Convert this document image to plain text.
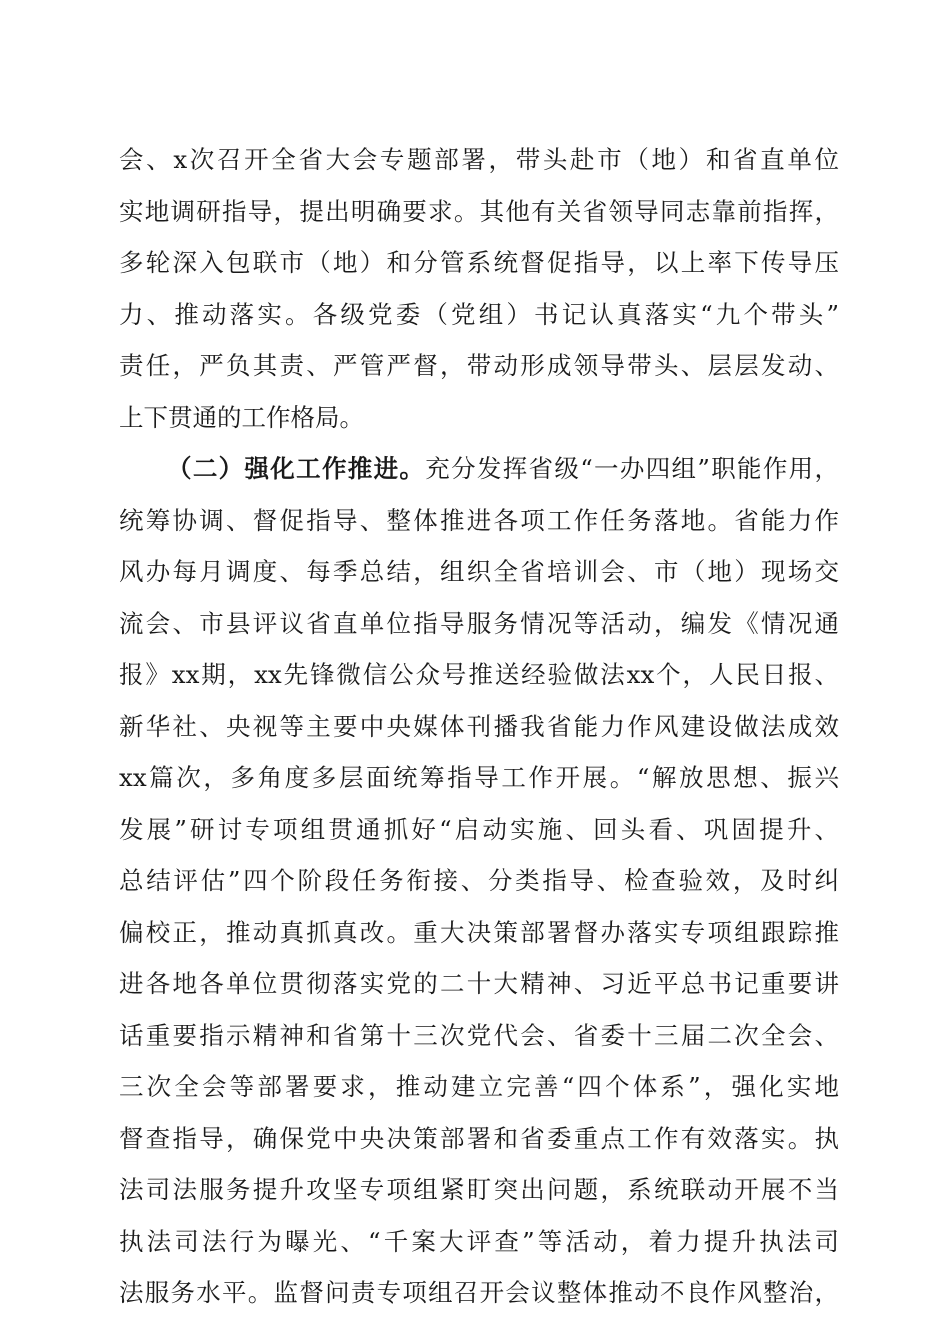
会、x次召开全省大会专题部署，带头赴市（地）和省直单位
实地调研指导，提出明确要求。其他有关省领导同志靠前指挥，
多轮深入包联市（地）和分管系统督促指导，以上率下传导压
力、推动落实。各级党委（党组）书记认真落实“九个带头”
责任，严负其责、严管严督，带动形成领导带头、层层发动、
上下贯通的工作格局。
（二）强化工作推进。充分发挥省级“一办四组”职能作用，
统筹协调、督促指导、整体推进各项工作任务落地。省能力作
风办每月调度、每季总结，组织全省培训会、市（地）现场交
流会、市县评议省直单位指导服务情况等活动，编发《情况通
报》xx期，xx先锋微信公众号推送经验做法xx个，人民日报、
新华社、央视等主要中央媒体刊播我省能力作风建设做法成效
xx篇次，多角度多层面统筹指导工作开展。“解放思想、振兴
发展”研讨专项组贯通抓好“启动实施、回头看、巩固提升、
总结评估”四个阶段任务衔接、分类指导、检查验效，及时纠
偏校正，推动真抓真改。重大决策部署督办落实专项组跟踪推
进各地各单位贯彻落实党的二十大精神、习近平总书记重要讲
话重要指示精神和省第十三次党代会、省委十三届二次全会、
三次全会等部署要求，推动建立完善“四个体系”，强化实地
督查指导，确保党中央决策部署和省委重点工作有效落实。执
法司法服务提升攻坚专项组紧盯突出问题，系统联动开展不当
执法司法行为曝光、“千案大评查”等活动，着力提升执法司
法服务水平。监督问责专项组召开会议整体推动不良作风整治，
